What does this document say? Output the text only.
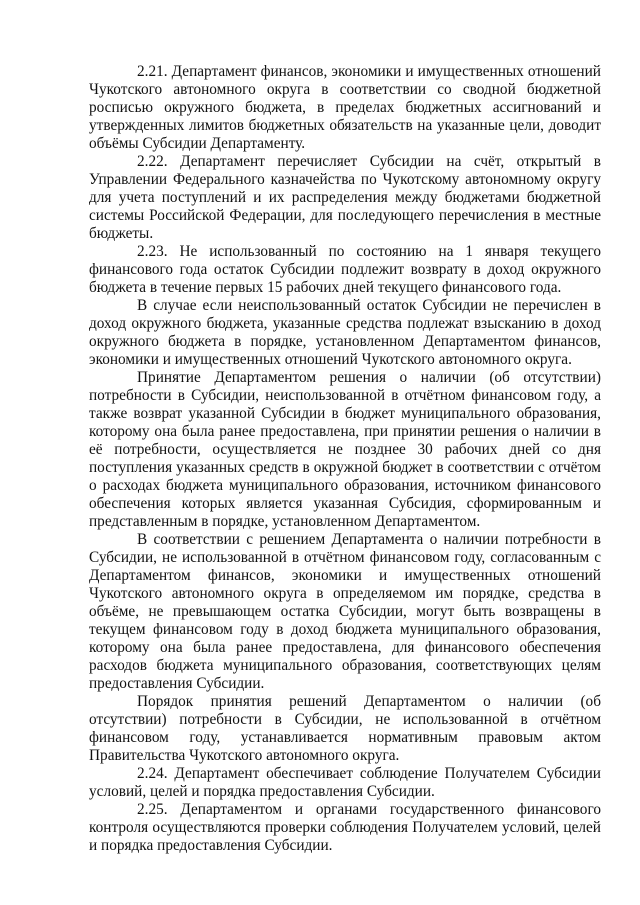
2.21. Департамент финансов, экономики и имущественных отношений Чукотского автономного округа в соответствии со сводной бюджетной росписью окружного бюджета, в пределах бюджетных ассигнований и утвержденных лимитов бюджетных обязательств на указанные цели, доводит объёмы Субсидии Департаменту.

2.22. Департамент перечисляет Субсидии на счёт, открытый в Управлении Федерального казначейства по Чукотскому автономному округу для учета поступлений и их распределения между бюджетами бюджетной системы Российской Федерации, для последующего перечисления в местные бюджеты.

2.23. Не использованный по состоянию на 1 января текущего финансового года остаток Субсидии подлежит возврату в доход окружного бюджета в течение первых 15 рабочих дней текущего финансового года.

В случае если неиспользованный остаток Субсидии не перечислен в доход окружного бюджета, указанные средства подлежат взысканию в доход окружного бюджета в порядке, установленном Департаментом финансов, экономики и имущественных отношений Чукотского автономного округа.

Принятие Департаментом решения о наличии (об отсутствии) потребности в Субсидии, неиспользованной в отчётном финансовом году, а также возврат указанной Субсидии в бюджет муниципального образования, которому она была ранее предоставлена, при принятии решения о наличии в её потребности, осуществляется не позднее 30 рабочих дней со дня поступления указанных средств в окружной бюджет в соответствии с отчётом о расходах бюджета муниципального образования, источником финансового обеспечения которых является указанная Субсидия, сформированным и представленным в порядке, установленном Департаментом.

В соответствии с решением Департамента о наличии потребности в Субсидии, не использованной в отчётном финансовом году, согласованным с Департаментом финансов, экономики и имущественных отношений Чукотского автономного округа в определяемом им порядке, средства в объёме, не превышающем остатка Субсидии, могут быть возвращены в текущем финансовом году в доход бюджета муниципального образования, которому она была ранее предоставлена, для финансового обеспечения расходов бюджета муниципального образования, соответствующих целям предоставления Субсидии.

Порядок принятия решений Департаментом о наличии (об отсутствии) потребности в Субсидии, не использованной в отчётном финансовом году, устанавливается нормативным правовым актом Правительства Чукотского автономного округа.

2.24. Департамент обеспечивает соблюдение Получателем Субсидии условий, целей и порядка предоставления Субсидии.

2.25. Департаментом и органами государственного финансового контроля осуществляются проверки соблюдения Получателем условий, целей и порядка предоставления Субсидии.
